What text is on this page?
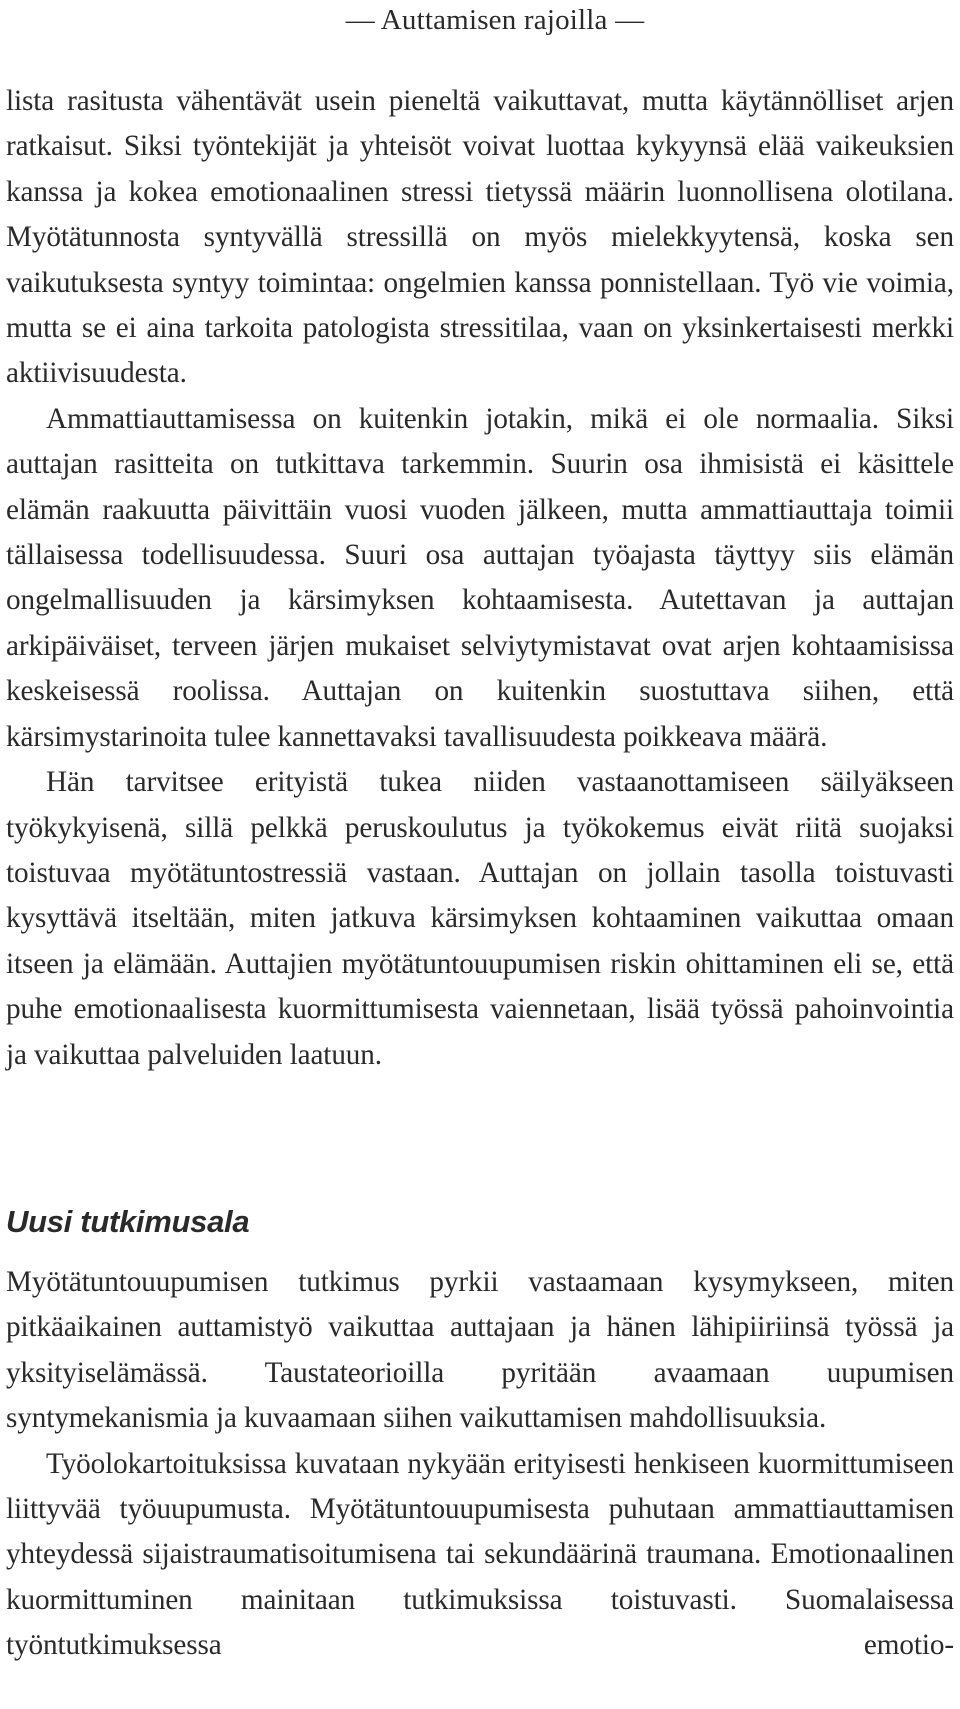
— Auttamisen rajoilla —

lista rasitusta vähentävät usein pieneltä vaikuttavat, mutta käytännölliset arjen ratkaisut. Siksi työntekijät ja yhteisöt voivat luottaa kykyynsä elää vaikeuksien kanssa ja kokea emotionaalinen stressi tietyssä määrin luonnollisena olotilana. Myötätunnosta syntyvällä stressillä on myös mielekkyytensä, koska sen vaikutuksesta syntyy toimintaa: ongelmien kanssa ponnistellaan. Työ vie voimia, mutta se ei aina tarkoita patologista stressitilaa, vaan on yksinkertaisesti merkki aktiivisuudesta.

Ammattiauttamisessa on kuitenkin jotakin, mikä ei ole normaalia. Siksi auttajan rasitteita on tutkittava tarkemmin. Suurin osa ihmisistä ei käsittele elämän raakuutta päivittäin vuosi vuoden jälkeen, mutta ammattiauttaja toimii tällaisessa todellisuudessa. Suuri osa auttajan työajasta täyttyy siis elämän ongelmallisuuden ja kärsimyksen kohtaamisesta. Autettavan ja auttajan arkipäiväiset, terveen järjen mukaiset selviytymistavat ovat arjen kohtaamisissa keskeisessä roolissa. Auttajan on kuitenkin suostuttava siihen, että kärsimystarinoita tulee kannettavaksi tavallisuudesta poikkeava määrä.

Hän tarvitsee erityistä tukea niiden vastaanottamiseen säilyäkseen työkykyisenä, sillä pelkkä peruskoulutus ja työkokemus eivät riitä suojaksi toistuvaa myötätuntostressiä vastaan. Auttajan on jollain tasolla toistuvasti kysyttävä itseltään, miten jatkuva kärsimyksen kohtaaminen vaikuttaa omaan itseen ja elämään. Auttajien myötätuntouupumisen riskin ohittaminen eli se, että puhe emotionaalisesta kuormittumisesta vaiennetaan, lisää työssä pahoinvointia ja vaikuttaa palveluiden laatuun.

Uusi tutkimusala

Myötätuntouupumisen tutkimus pyrkii vastaamaan kysymykseen, miten pitkäaikainen auttamistyö vaikuttaa auttajaan ja hänen lähipiiriinsä työssä ja yksityiselämässä. Taustateorioilla pyritään avaamaan uupumisen syntymekanismia ja kuvaamaan siihen vaikuttamisen mahdollisuuksia.

Työolokartoituksissa kuvataan nykyään erityisesti henkiseen kuormittumiseen liittyvää työuupumusta. Myötätuntouupumisesta puhutaan ammattiauttamisen yhteydessä sijaistraumatisoitumisena tai sekundäärinä traumana. Emotionaalinen kuormittuminen mainitaan tutkimuksissa toistuvasti. Suomalaisessa työntutkimuksessa emotio-
